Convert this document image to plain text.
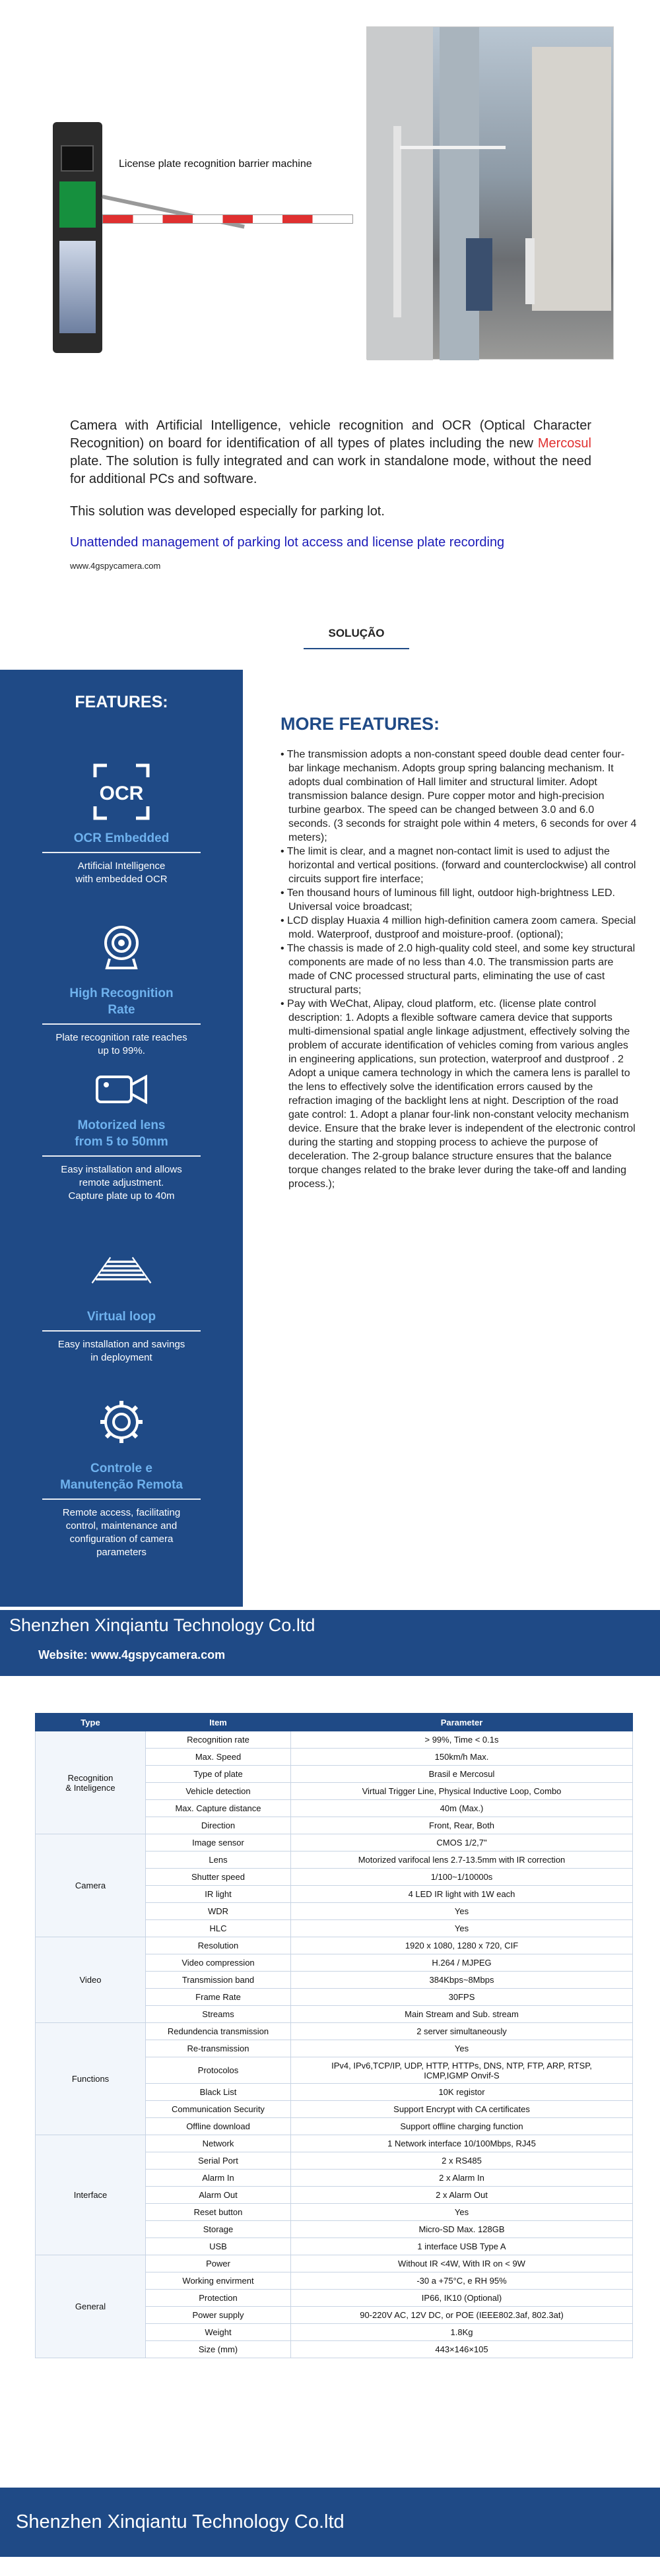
License plate recognition barrier machine

Camera with Artificial Intelligence, vehicle recognition and OCR (Optical Character Recognition) on board for identification of all types of plates including the new Mercosul plate. The solution is fully integrated and can work in standalone mode, without the need for additional PCs and software.

This solution was developed especially for parking lot.

Unattended management of parking lot access and license plate recording

www.4gspycamera.com

SOLUÇÃO
FEATURES:
OCR
OCR Embedded
Artificial Intelligence
with embedded OCR
High Recognition
Rate
Plate recognition rate reaches
up to 99%.
Motorized lens
from 5 to 50mm
Easy installation and allows
remote adjustment.
Capture plate up to 40m
Virtual loop
Easy installation and savings
in deployment
Controle e
Manutenção Remota
Remote access, facilitating
control, maintenance and
configuration of camera
parameters
MORE FEATURES:
• The transmission adopts a non-constant speed double dead center four-bar linkage mechanism. Adopts group spring balancing mechanism. It adopts dual combination of Hall limiter and structural limiter. Adopt transmission balance design. Pure copper motor and high-precision turbine gearbox. The speed can be changed between 3.0 and 6.0 seconds. (3 seconds for straight pole within 4 meters, 6 seconds for over 4 meters);
• The limit is clear, and a magnet non-contact limit is used to adjust the horizontal and vertical positions. (forward and counterclockwise) all control circuits support fire interface;
• Ten thousand hours of luminous fill light, outdoor high-brightness LED. Universal voice broadcast;
• LCD display Huaxia 4 million high-definition camera zoom camera. Special mold. Waterproof, dustproof and moisture-proof. (optional);
• The chassis is made of 2.0 high-quality cold steel, and some key structural components are made of no less than 4.0. The transmission parts are made of CNC processed structural parts, eliminating the use of cast structural parts;
• Pay with WeChat, Alipay, cloud platform, etc. (license plate control description: 1. Adopts a flexible software camera device that supports multi-dimensional spatial angle linkage adjustment, effectively solving the problem of accurate identification of vehicles coming from various angles in engineering applications, sun protection, waterproof and dustproof . 2 Adopt a unique camera technology in which the camera lens is parallel to the lens to effectively solve the identification errors caused by the refraction imaging of the backlight lens at night. Description of the road gate control: 1. Adopt a planar four-link non-constant velocity mechanism device. Ensure that the brake lever is independent of the electronic control during the starting and stopping process to achieve the purpose of deceleration. The 2-group balance structure ensures that the balance torque changes related to the brake lever during the take-off and landing process.);
Shenzhen Xinqiantu Technology Co.ltd
Website: www.4gspycamera.com
Type	Item	Parameter
Recognition
& Inteligence	Recognition rate	> 99%, Time < 0.1s
	Max. Speed	150km/h Max.
	Type of plate	Brasil e Mercosul
	Vehicle detection	Virtual Trigger Line, Physical Inductive Loop, Combo
	Max. Capture distance	40m (Max.)
	Direction	Front, Rear, Both
Camera	Image sensor	CMOS 1/2,7"
	Lens	Motorized varifocal lens 2.7-13.5mm with IR correction
	Shutter speed	1/100~1/10000s
	IR light	4 LED IR light with 1W each
	WDR	Yes
	HLC	Yes
Video	Resolution	1920 x 1080, 1280 x 720, CIF
	Video compression	H.264 / MJPEG
	Transmission band	384Kbps~8Mbps
	Frame Rate	30FPS
	Streams	Main Stream and Sub. stream
Functions	Redundencia transmission	2 server simultaneously
	Re-transmission	Yes
	Protocolos	IPv4, IPv6,TCP/IP, UDP, HTTP, HTTPs, DNS, NTP, FTP, ARP, RTSP, ICMP,IGMP Onvif-S
	Black List	10K registor
	Communication Security	Support Encrypt with CA certificates
	Offline download	Support offline charging function
Interface	Network	1 Network interface 10/100Mbps, RJ45
	Serial Port	2 x RS485
	Alarm In	2 x Alarm In
	Alarm Out	2 x Alarm Out
	Reset button	Yes
	Storage	Micro-SD Max. 128GB
	USB	1 interface USB Type A
General	Power	Without IR <4W, With IR on < 9W
	Working envirment	-30 a +75°C, e RH 95%
	Protection	IP66, IK10 (Optional)
	Power supply	90-220V AC, 12V DC, or POE (IEEE802.3af, 802.3at)
	Weight	1.8Kg
	Size (mm)	443×146×105
Shenzhen Xinqiantu Technology Co.ltd
